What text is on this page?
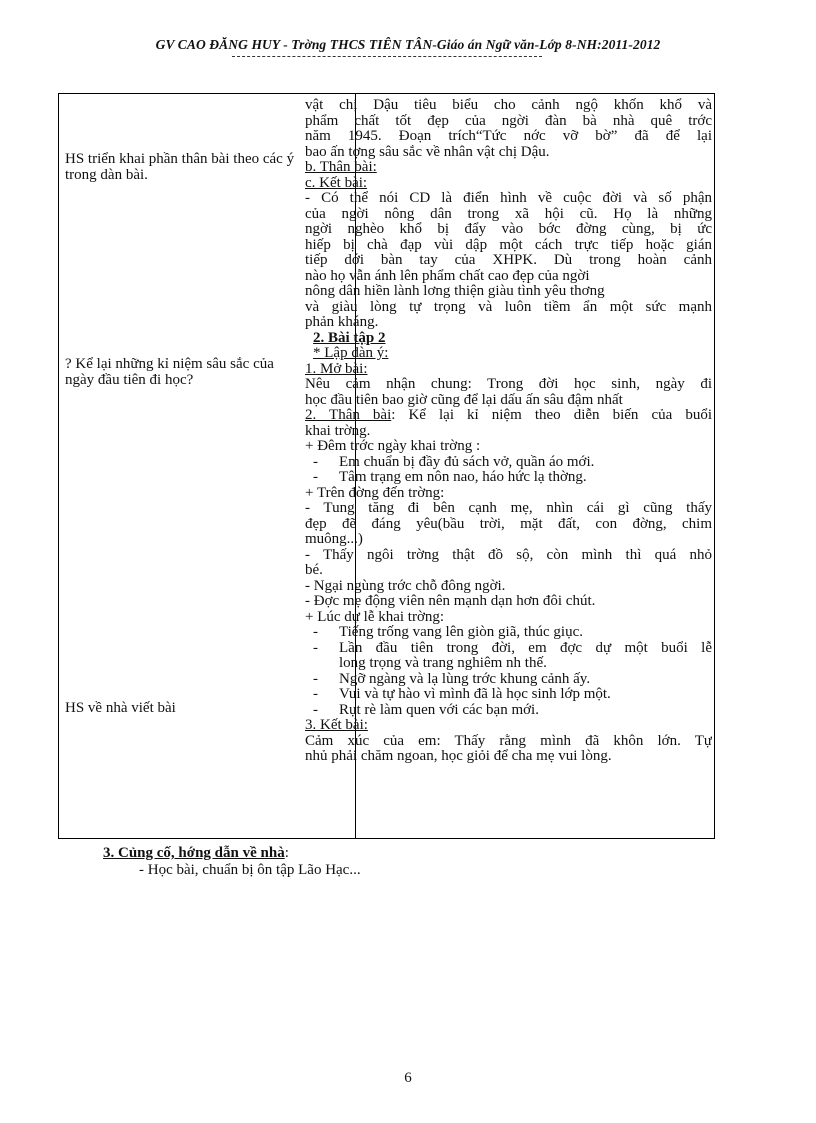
GV CAO ĐĂNG HUY - Trờng THCS TIÊN TÂN-Giáo án Ngữ văn-Lớp 8-NH:2011-2012
HS triển khai phần thân bài theo các ý trong dàn bài.
? Kể lại những kỉ niệm sâu sắc của ngày đầu tiên đi học?
HS về nhà viết bài
vật chị Dậu tiêu biểu cho cảnh ngộ khốn khổ và
phẩm chất tốt đẹp của ngời đàn bà nhà quê trớc
năm 1945. Đoạn trích“Tức nớc vỡ bờ” đã để lại
bao ấn tợng sâu sắc về nhân vật chị Dậu.
b. Thân bài:
c. Kết bài:
- Có thể nói CD là điển hình về cuộc đời và số phận
của ngời nông dân trong xã hội cũ. Họ là những
ngời nghèo khổ bị đẩy vào bớc đờng cùng, bị ức
hiếp bị chà đạp vùi dập một cách trực tiếp hoặc gián
tiếp dới bàn tay của XHPK. Dù trong hoàn cảnh
nào họ vẫn ánh lên phẩm chất cao đẹp của ngời
nông dân hiền lành lơng thiện giàu tình yêu thơng
và giàu lòng tự trọng và luôn tiềm ẩn một sức mạnh
phản kháng.
2. Bài tập 2
* Lập dàn ý:
1. Mở bài:
Nêu cảm nhận chung: Trong đời học sinh, ngày đi
học đầu tiên bao giờ cũng để lại dấu ấn sâu đậm nhất
2. Thân bài: Kể lại kỉ niệm theo diễn biến của buổi
khai trờng.
+ Đêm trớc ngày khai trờng :
- Em chuẩn bị đầy đủ sách vở, quần áo mới.
- Tâm trạng em nôn nao, háo hức lạ thờng.
+ Trên đờng đến trờng:
- Tung tăng đi bên cạnh mẹ, nhìn cái gì cũng thấy
đẹp đẽ đáng yêu(bầu trời, mặt đất, con đờng, chim
muông...)
- Thấy ngôi trờng thật đồ sộ, còn mình thì quá nhỏ
bé.
- Ngại ngùng trớc chỗ đông ngời.
- Đợc mẹ động viên nên mạnh dạn hơn đôi chút.
+ Lúc dự lễ khai trờng:
- Tiếng trống vang lên giòn giã, thúc giục.
- Lần đầu tiên trong đời, em đợc dự một buổi lễ
long trọng và trang nghiêm nh thế.
- Ngỡ ngàng và lạ lùng trớc khung cảnh ấy.
- Vui và tự hào vì mình đã là học sinh lớp một.
- Rụt rè làm quen với các bạn mới.
3. Kết bài:
Cảm xúc của em: Thấy rằng mình đã khôn lớn. Tự
nhủ phải chăm ngoan, học giỏi để cha mẹ vui lòng.
3. Củng cố, hớng dẫn về nhà:
- Học bài, chuẩn bị ôn tập Lão Hạc...
6
